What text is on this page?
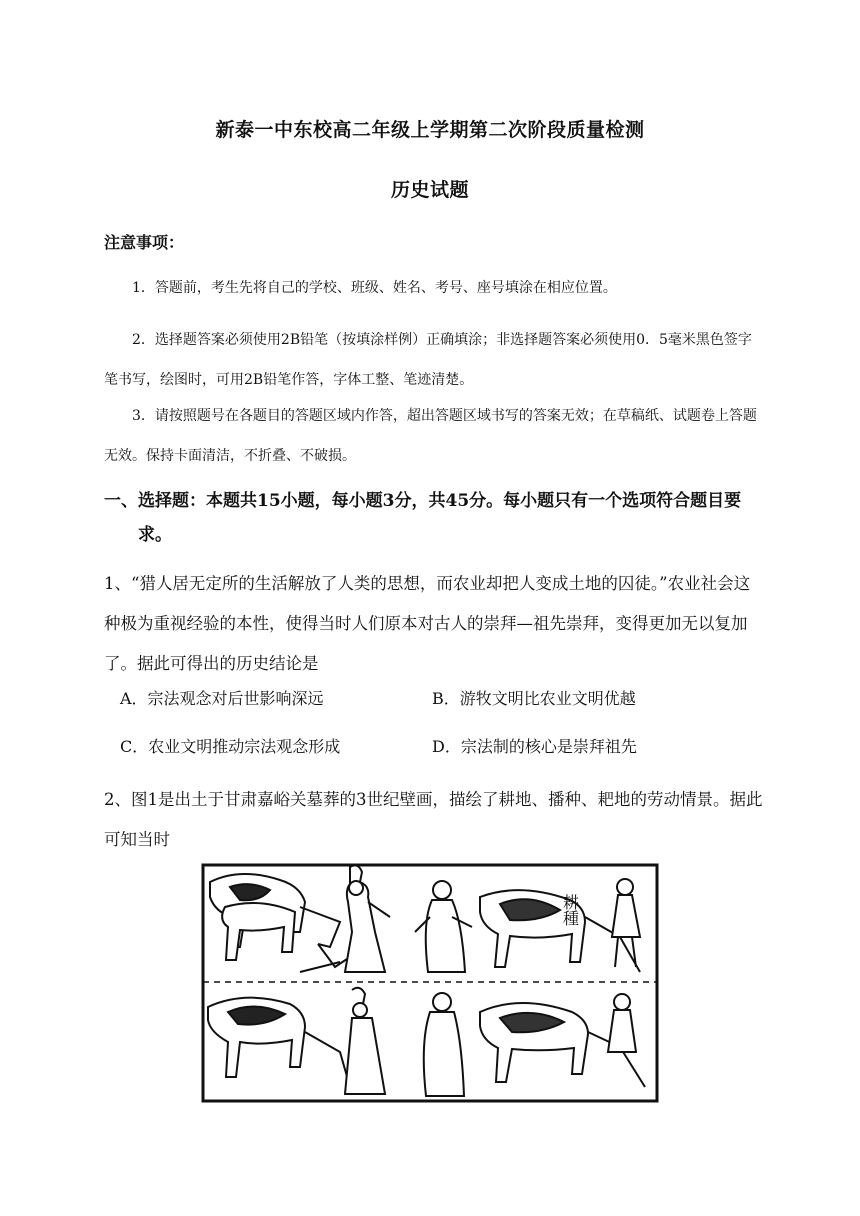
新泰一中东校高二年级上学期第二次阶段质量检测
历史试题
注意事项：
1．答题前，考生先将自己的学校、班级、姓名、考号、座号填涂在相应位置。
2．选择题答案必须使用2B铅笔（按填涂样例）正确填涂；非选择题答案必须使用0．5毫米黑色签字笔书写，绘图时，可用2B铅笔作答，字体工整、笔迹清楚。
3．请按照题号在各题目的答题区域内作答，超出答题区域书写的答案无效；在草稿纸、试题卷上答题无效。保持卡面清洁，不折叠、不破损。
一、选择题：本题共15小题，每小题3分，共45分。每小题只有一个选项符合题目要求。
1、“猎人居无定所的生活解放了人类的思想，而农业却把人变成土地的囚徒。”农业社会这种极为重视经验的本性，使得当时人们原本对古人的崇拜—祖先崇拜，变得更加无以复加了。据此可得出的历史结论是
A．宗法观念对后世影响深远	B．游牧文明比农业文明优越
C．农业文明推动宗法观念形成	D．宗法制的核心是崇拜祖先
2、图1是出土于甘肃嘉峪关墓葬的3世纪壁画，描绘了耕地、播种、耙地的劳动情景。据此可知当时
耕種
